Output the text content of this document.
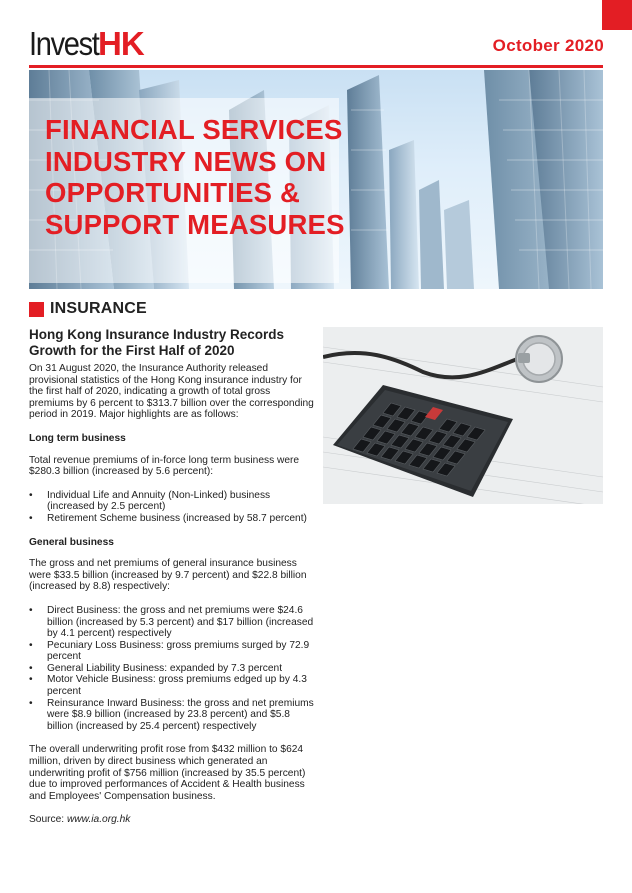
Invest HK	October 2020
FINANCIAL SERVICES
INDUSTRY NEWS ON
OPPORTUNITIES &
SUPPORT MEASURES
INSURANCE
Hong Kong Insurance Industry Records Growth for the First Half of 2020

On 31 August 2020, the Insurance Authority released provisional statistics of the Hong Kong insurance industry for the first half of 2020, indicating a growth of total gross premiums by 6 percent to $313.7 billion over the corresponding period in 2019. Major highlights are as follows:

Long term business

Total revenue premiums of in-force long term business were $280.3 billion (increased by 5.6 percent):

• Individual Life and Annuity (Non-Linked) business (increased by 2.5 percent)
• Retirement Scheme business (increased by 58.7 percent)

General business

The gross and net premiums of general insurance business were $33.5 billion (increased by 9.7 percent) and $22.8 billion (increased by 8.8) respectively:

• Direct Business: the gross and net premiums were $24.6 billion (increased by 5.3 percent) and $17 billion (increased by 4.1 percent) respectively
• Pecuniary Loss Business: gross premiums surged by 72.9 percent
• General Liability Business: expanded by 7.3 percent
• Motor Vehicle Business: gross premiums edged up by 4.3 percent
• Reinsurance Inward Business: the gross and net premiums were $8.9 billion (increased by 23.8 percent) and $5.8 billion (increased by 25.4 percent) respectively

The overall underwriting profit rose from $432 million to $624 million, driven by direct business which generated an underwriting profit of $756 million (increased by 35.5 percent) due to improved performances of Accident & Health business and Employees' Compensation business.

Source: www.ia.org.hk
